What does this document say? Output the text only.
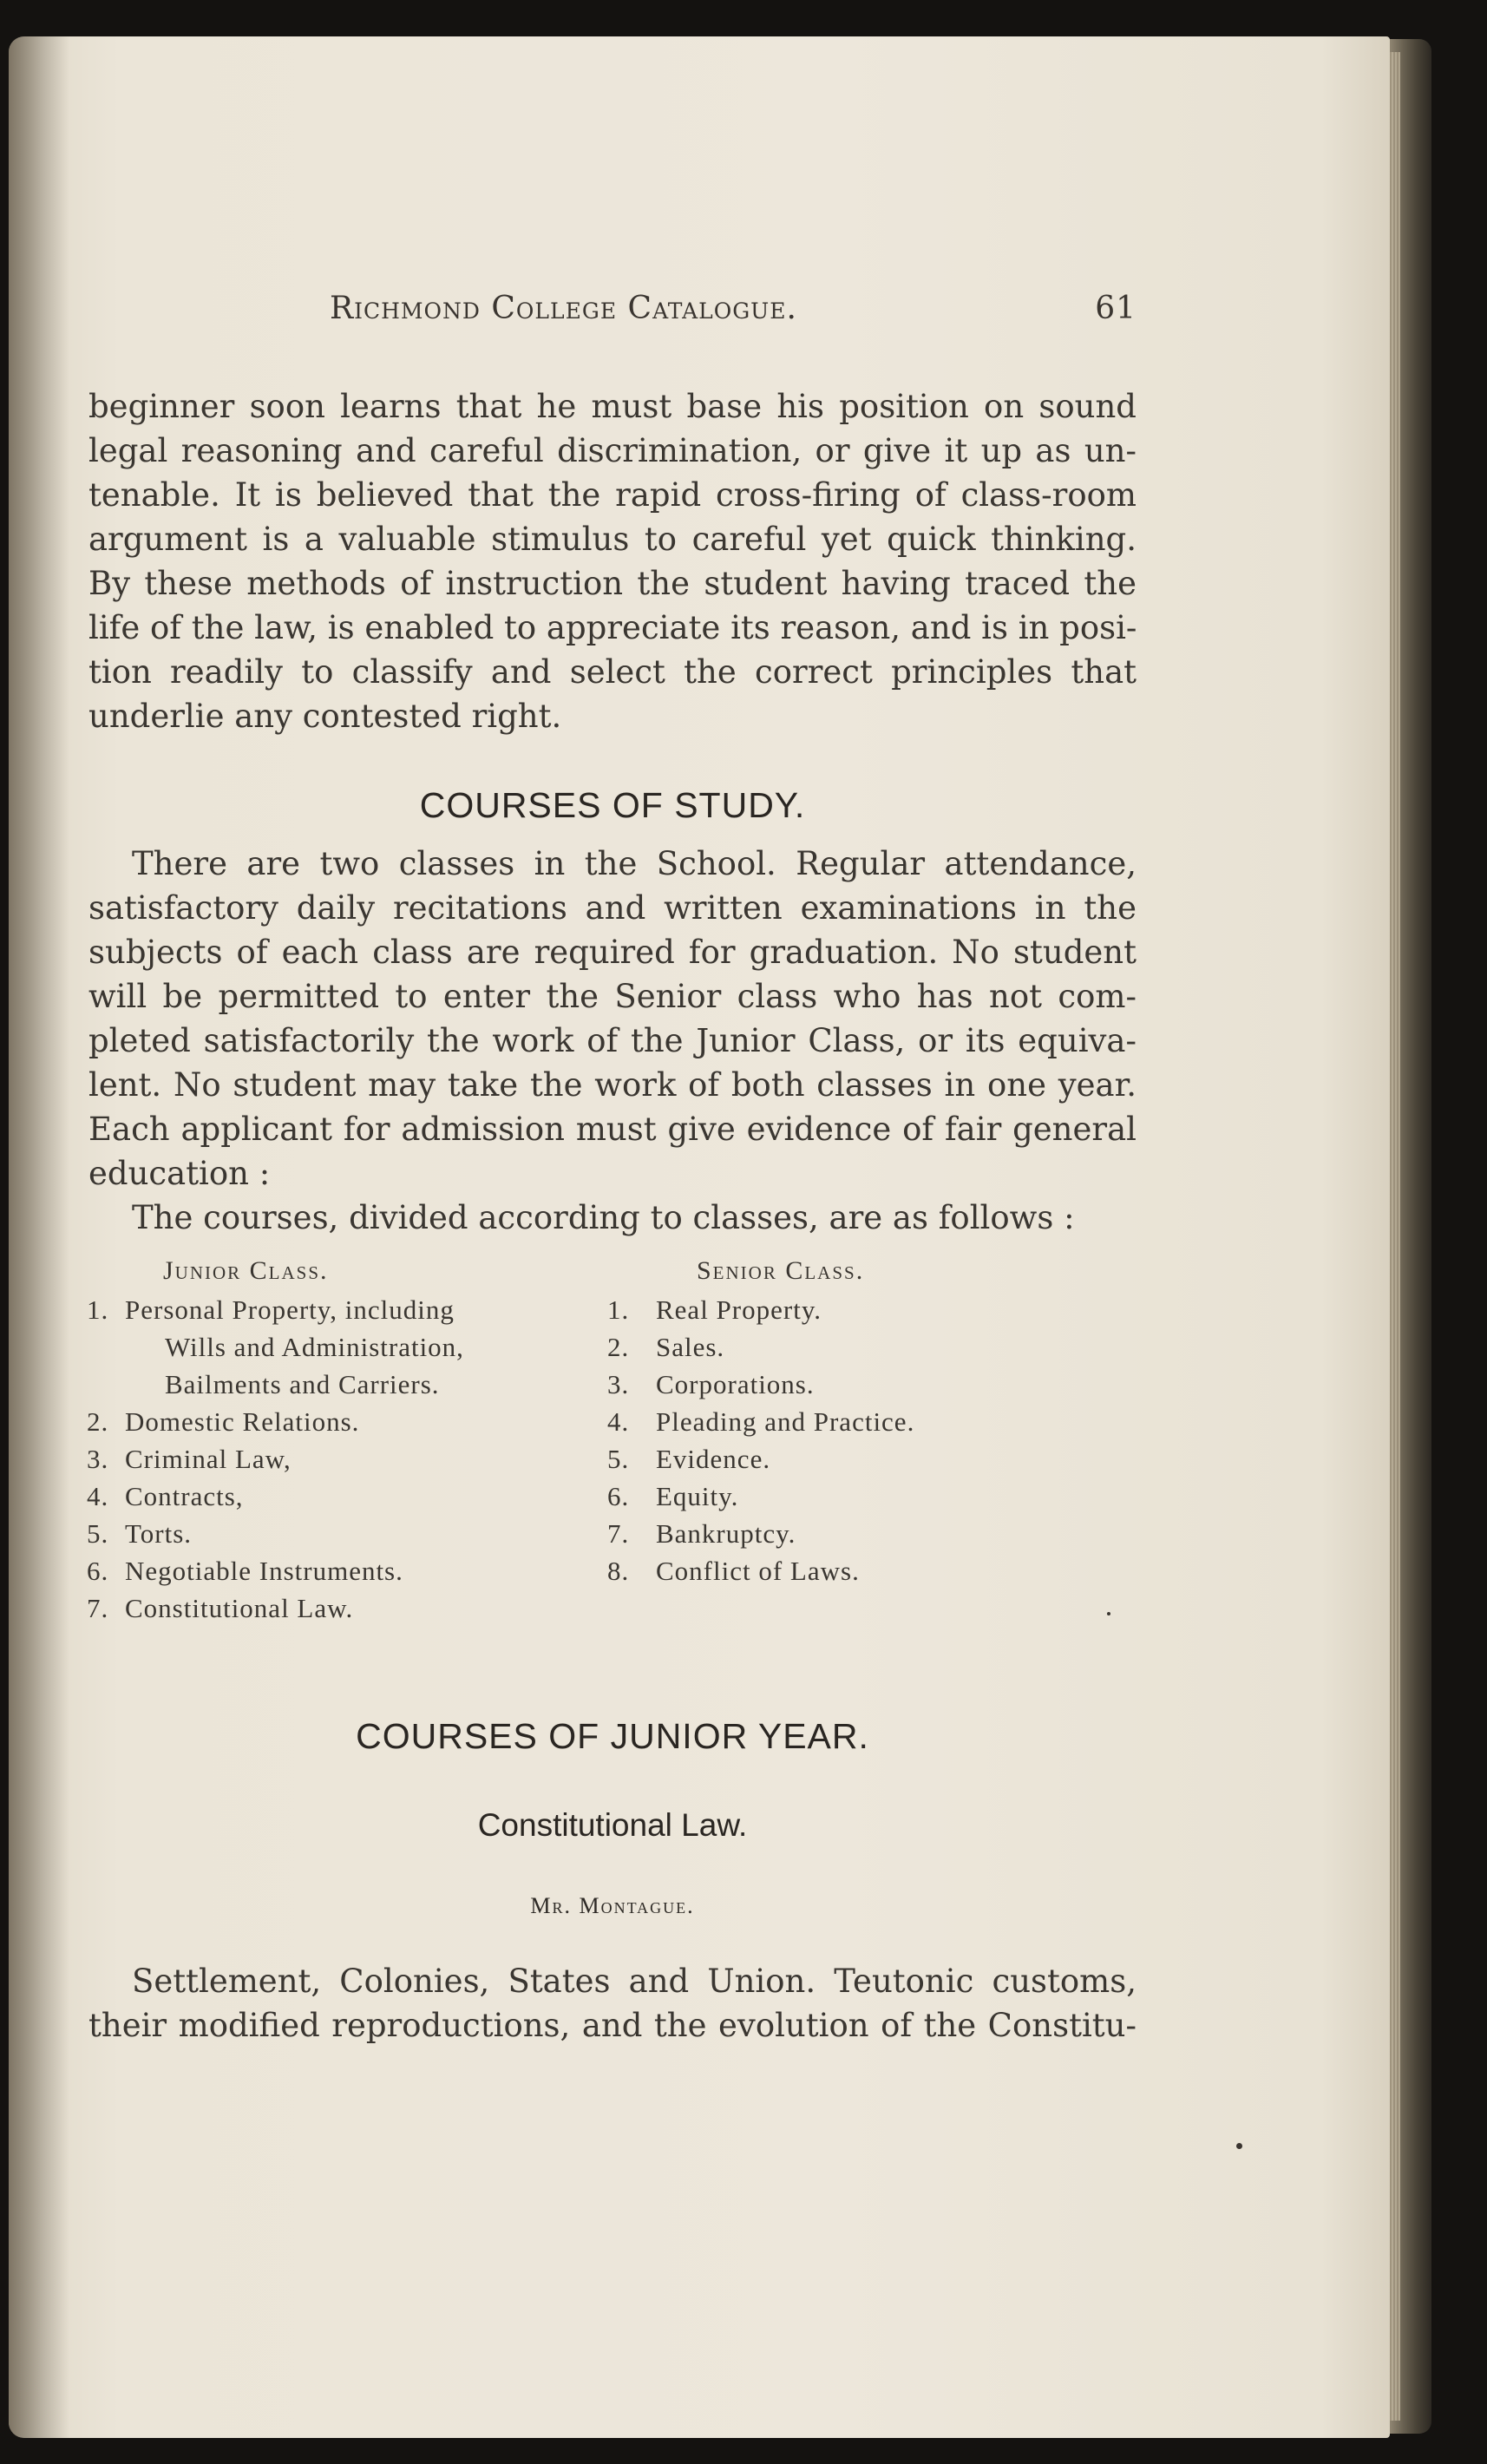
Richmond College Catalogue.	61
beginner soon learns that he must base his position on sound
legal reasoning and careful discrimination, or give it up as un-
tenable. It is believed that the rapid cross-firing of class-room
argument is a valuable stimulus to careful yet quick thinking.
By these methods of instruction the student having traced the
life of the law, is enabled to appreciate its reason, and is in posi-
tion readily to classify and select the correct principles that
underlie any contested right.
COURSES OF STUDY.
There are two classes in the School. Regular attendance,
satisfactory daily recitations and written examinations in the
subjects of each class are required for graduation. No student
will be permitted to enter the Senior class who has not com-
pleted satisfactorily the work of the Junior Class, or its equiva-
lent. No student may take the work of both classes in one year.
Each applicant for admission must give evidence of fair general
education :
The courses, divided according to classes, are as follows :
Junior Class.
1. Personal Property, including
Wills and Administration,
Bailments and Carriers.
2. Domestic Relations.
3. Criminal Law,
4. Contracts,
5. Torts.
6. Negotiable Instruments.
7. Constitutional Law.
Senior Class.
1. Real Property.
2. Sales.
3. Corporations.
4. Pleading and Practice.
5. Evidence.
6. Equity.
7. Bankruptcy.
8. Conflict of Laws.
COURSES OF JUNIOR YEAR.
Constitutional Law.
Mr. Montague.
Settlement, Colonies, States and Union. Teutonic customs,
their modified reproductions, and the evolution of the Constitu-
